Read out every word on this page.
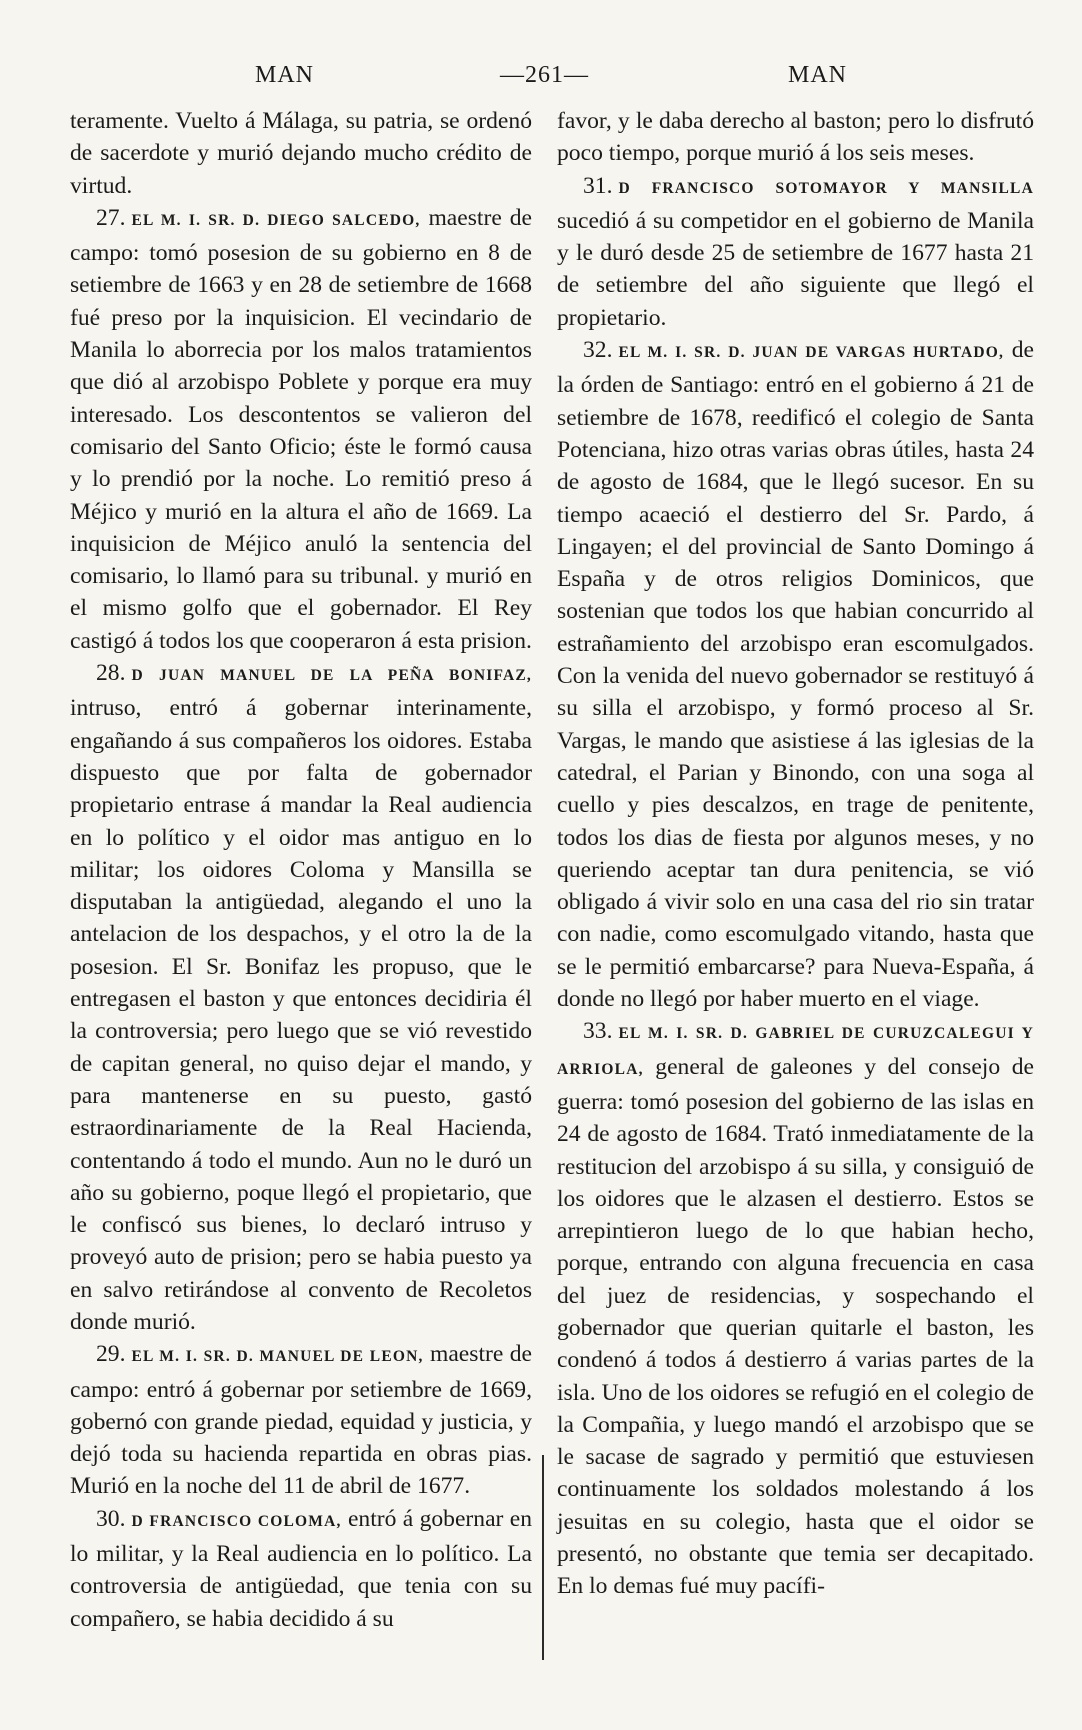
MAN	—261—	MAN

teramente. Vuelto á Málaga, su patria, se ordenó de sacerdote y murió dejando mucho crédito de virtud.

27. EL M. I. SR. D. DIEGO SALCEDO, maestre de campo: tomó posesion de su gobierno en 8 de setiembre de 1663 y en 28 de setiembre de 1668 fué preso por la inquisicion. El vecindario de Manila lo aborrecia por los malos tratamientos que dió al arzobispo Poblete y porque era muy interesado. Los descontentos se valieron del comisario del Santo Oficio; éste le formó causa y lo prendió por la noche. Lo remitió preso á Méjico y murió en la altura el año de 1669. La inquisicion de Méjico anuló la sentencia del comisario, lo llamó para su tribunal. y murió en el mismo golfo que el gobernador. El Rey castigó á todos los que cooperaron á esta prision.

28. D JUAN MANUEL DE LA PEÑA BONIFAZ, intruso, entró á gobernar interinamente, engañando á sus compañeros los oidores. Estaba dispuesto que por falta de gobernador propietario entrase á mandar la Real audiencia en lo político y el oidor mas antiguo en lo militar; los oidores Coloma y Mansilla se disputaban la antigüedad, alegando el uno la antelacion de los despachos, y el otro la de la posesion. El Sr. Bonifaz les propuso, que le entregasen el baston y que entonces decidiria él la controversia; pero luego que se vió revestido de capitan general, no quiso dejar el mando, y para mantenerse en su puesto, gastó estraordinariamente de la Real Hacienda, contentando á todo el mundo. Aun no le duró un año su gobierno, poque llegó el propietario, que le confiscó sus bienes, lo declaró intruso y proveyó auto de prision; pero se habia puesto ya en salvo retirándose al convento de Recoletos donde murió.

29. EL M. I. SR. D. MANUEL DE LEON, maestre de campo: entró á gobernar por setiembre de 1669, gobernó con grande piedad, equidad y justicia, y dejó toda su hacienda repartida en obras pias. Murió en la noche del 11 de abril de 1677.

30. D FRANCISCO COLOMA, entró á gobernar en lo militar, y la Real audiencia en lo político. La controversia de antigüedad, que tenia con su compañero, se habia decidido á su

favor, y le daba derecho al baston; pero lo disfrutó poco tiempo, porque murió á los seis meses.

31. D FRANCISCO SOTOMAYOR Y MANSILLA sucedió á su competidor en el gobierno de Manila y le duró desde 25 de setiembre de 1677 hasta 21 de setiembre del año siguiente que llegó el propietario.

32. EL M. I. SR. D. JUAN DE VARGAS HURTADO, de la órden de Santiago: entró en el gobierno á 21 de setiembre de 1678, reedificó el colegio de Santa Potenciana, hizo otras varias obras útiles, hasta 24 de agosto de 1684, que le llegó sucesor. En su tiempo acaeció el destierro del Sr. Pardo, á Lingayen; el del provincial de Santo Domingo á España y de otros religios Dominicos, que sostenian que todos los que habian concurrido al estrañamiento del arzobispo eran escomulgados. Con la venida del nuevo gobernador se restituyó á su silla el arzobispo, y formó proceso al Sr. Vargas, le mando que asistiese á las iglesias de la catedral, el Parian y Binondo, con una soga al cuello y pies descalzos, en trage de penitente, todos los dias de fiesta por algunos meses, y no queriendo aceptar tan dura penitencia, se vió obligado á vivir solo en una casa del rio sin tratar con nadie, como escomulgado vitando, hasta que se le permitió embarcarse? para Nueva-España, á donde no llegó por haber muerto en el viage.

33. EL M. I. SR. D. GABRIEL DE CURUZCALEGUI Y ARRIOLA, general de galeones y del consejo de guerra: tomó posesion del gobierno de las islas en 24 de agosto de 1684. Trató inmediatamente de la restitucion del arzobispo á su silla, y consiguió de los oidores que le alzasen el destierro. Estos se arrepintieron luego de lo que habian hecho, porque, entrando con alguna frecuencia en casa del juez de residencias, y sospechando el gobernador que querian quitarle el baston, les condenó á todos á destierro á varias partes de la isla. Uno de los oidores se refugió en el colegio de la Compañia, y luego mandó el arzobispo que se le sacase de sagrado y permitió que estuviesen continuamente los soldados molestando á los jesuitas en su colegio, hasta que el oidor se presentó, no obstante que temia ser decapitado. En lo demas fué muy pacífi-
